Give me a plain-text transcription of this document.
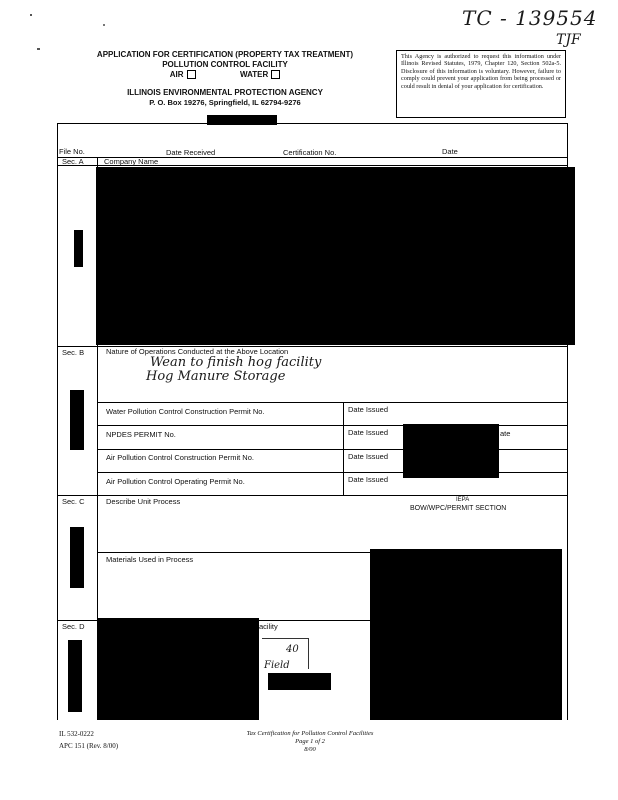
TC - 139554
TJF
APPLICATION FOR CERTIFICATION (PROPERTY TAX TREATMENT)
POLLUTION CONTROL FACILITY
AIR	WATER
ILLINOIS ENVIRONMENTAL PROTECTION AGENCY
P. O. Box 19276, Springfield, IL 62794-9276
This Agency is authorized to request this information under Illinois Revised Statutes, 1979, Chapter 120, Section 502a-5. Disclosure of this information is voluntary. However, failure to comply could prevent your application from being processed or could result in denial of your application for certification.
File No.	Date Received	Certification No.	Date
Sec. A	Company Name
Sec. B	Nature of Operations Conducted at the Above Location
Wean to finish hog facility
Hog Manure Storage
Water Pollution Control Construction Permit No.	Date Issued
NPDES PERMIT No.	Date Issued
Air Pollution Control Construction Permit No.	Date Issued
Air Pollution Control Operating Permit No.	Date Issued
ate
Sec. C	Describe Unit Process	IEPA
BOW/WPC/PERMIT SECTION
Materials Used in Process
Sec. D	acility
40
Field
IL 532-0222
APC 151 (Rev. 8/00)
Tax Certification for Pollution Control Facilities
Page 1 of 2
8/00
